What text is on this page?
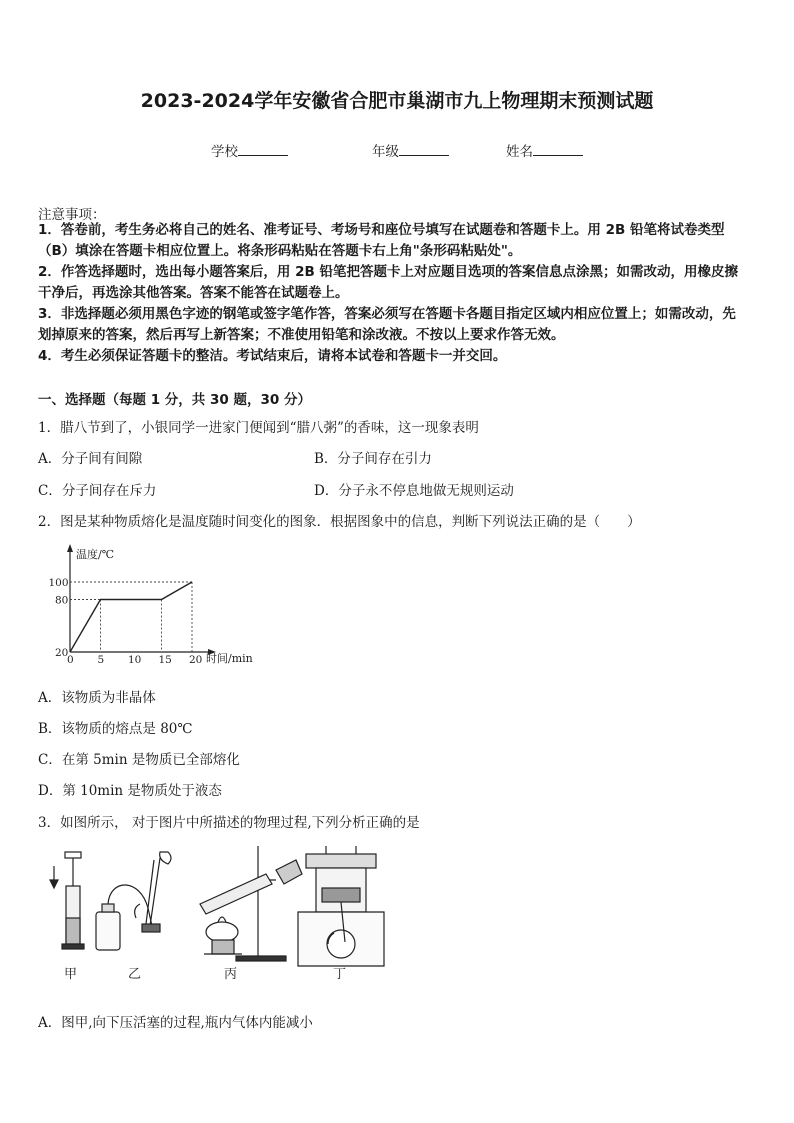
2023-2024学年安徽省合肥市巢湖市九上物理期末预测试题
学校	年级	姓名
注意事项：

1．答卷前，考生务必将自己的姓名、准考证号、考场号和座位号填写在试题卷和答题卡上。用 2B 铅笔将试卷类型

（B）填涂在答题卡相应位置上。将条形码粘贴在答题卡右上角"条形码粘贴处"。

2．作答选择题时，选出每小题答案后，用 2B 铅笔把答题卡上对应题目选项的答案信息点涂黑；如需改动，用橡皮擦

干净后，再选涂其他答案。答案不能答在试题卷上。

3．非选择题必须用黑色字迹的钢笔或签字笔作答，答案必须写在答题卡各题目指定区域内相应位置上；如需改动，先

划掉原来的答案，然后再写上新答案；不准使用铅笔和涂改液。不按以上要求作答无效。

4．考生必须保证答题卡的整洁。考试结束后，请将本试卷和答题卡一并交回。

一、选择题（每题 1 分，共 30 题，30 分）
1．腊八节到了，小银同学一进家门便闻到“腊八粥”的香味，这一现象表明
A．分子间有间隙	B．分子间存在引力
C．分子间存在斥力	D．分子永不停息地做无规则运动
2．图是某种物质熔化是温度随时间变化的图象．根据图象中的信息，判断下列说法正确的是（　　）
温度/℃
时间/min
0 5 10 15 20
20
80
100
A．该物质为非晶体
B．该物质的熔点是 80℃
C．在第 5min 是物质已全部熔化
D．第 10min 是物质处于液态
3．如图所示， 对于图片中所描述的物理过程,下列分析正确的是
甲	乙	丙	丁
A．图甲,向下压活塞的过程,瓶内气体内能减小
